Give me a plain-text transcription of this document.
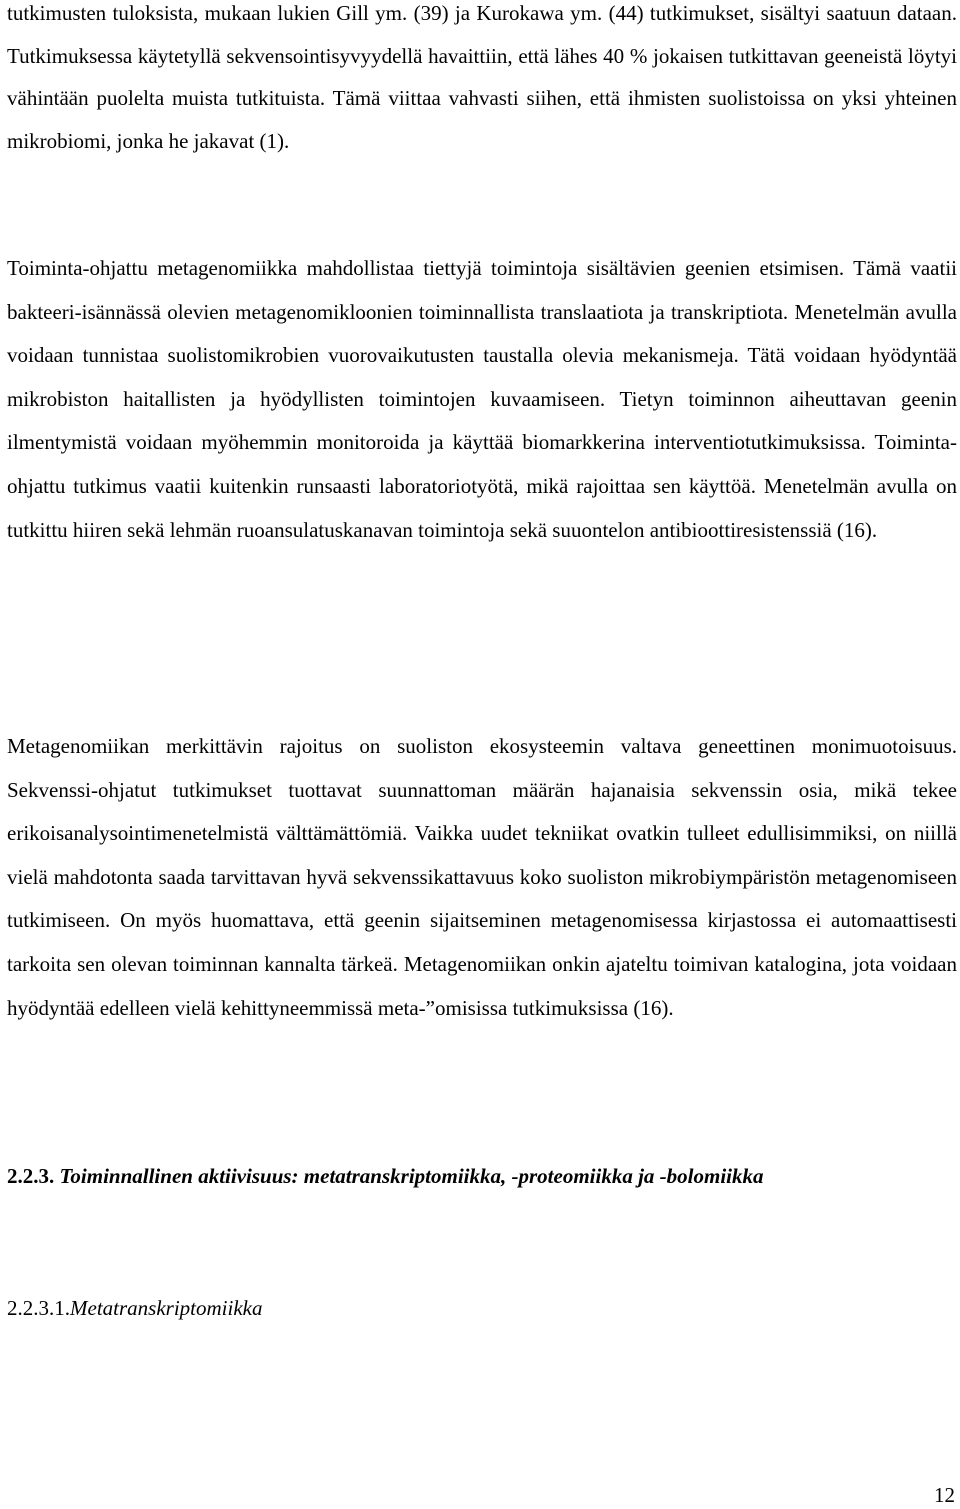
tutkimusten tuloksista, mukaan lukien Gill ym. (39) ja Kurokawa ym. (44) tutkimukset, sisältyi saatuun dataan. Tutkimuksessa käytetyllä sekvensointisyvyydellä havaittiin, että lähes 40 % jokaisen tutkittavan geeneistä löytyi vähintään puolelta muista tutkituista. Tämä viittaa vahvasti siihen, että ihmisten suolistoissa on yksi yhteinen mikrobiomi, jonka he jakavat (1).

Toiminta-ohjattu metagenomiikka mahdollistaa tiettyjä toimintoja sisältävien geenien etsimisen. Tämä vaatii bakteeri-isännässä olevien metagenomikloonien toiminnallista translaatiota ja transkriptiota. Menetelmän avulla voidaan tunnistaa suolistomikrobien vuorovaikutusten taustalla olevia mekanismeja. Tätä voidaan hyödyntää mikrobiston haitallisten ja hyödyllisten toimintojen kuvaamiseen. Tietyn toiminnon aiheuttavan geenin ilmentymistä voidaan myöhemmin monitoroida ja käyttää biomarkkerina interventiotutkimuksissa. Toiminta-ohjattu tutkimus vaatii kuitenkin runsaasti laboratoriotyötä, mikä rajoittaa sen käyttöä. Menetelmän avulla on tutkittu hiiren sekä lehmän ruoansulatuskanavan toimintoja sekä suuontelon antibioottiresistenssiä (16).

Metagenomiikan merkittävin rajoitus on suoliston ekosysteemin valtava geneettinen monimuotoisuus. Sekvenssi-ohjatut tutkimukset tuottavat suunnattoman määrän hajanaisia sekvenssin osia, mikä tekee erikoisanalysointimenetelmistä välttämättömiä. Vaikka uudet tekniikat ovatkin tulleet edullisimmiksi, on niillä vielä mahdotonta saada tarvittavan hyvä sekvenssikattavuus koko suoliston mikrobiympäristön metagenomiseen tutkimiseen. On myös huomattava, että geenin sijaitseminen metagenomisessa kirjastossa ei automaattisesti tarkoita sen olevan toiminnan kannalta tärkeä. Metagenomiikan onkin ajateltu toimivan katalogina, jota voidaan hyödyntää edelleen vielä kehittyneemmissä meta-”omisissa tutkimuksissa (16).

2.2.3. Toiminnallinen aktiivisuus: metatranskriptomiikka, -proteomiikka ja -bolomiikka
2.2.3.1.Metatranskriptomiikka
12
